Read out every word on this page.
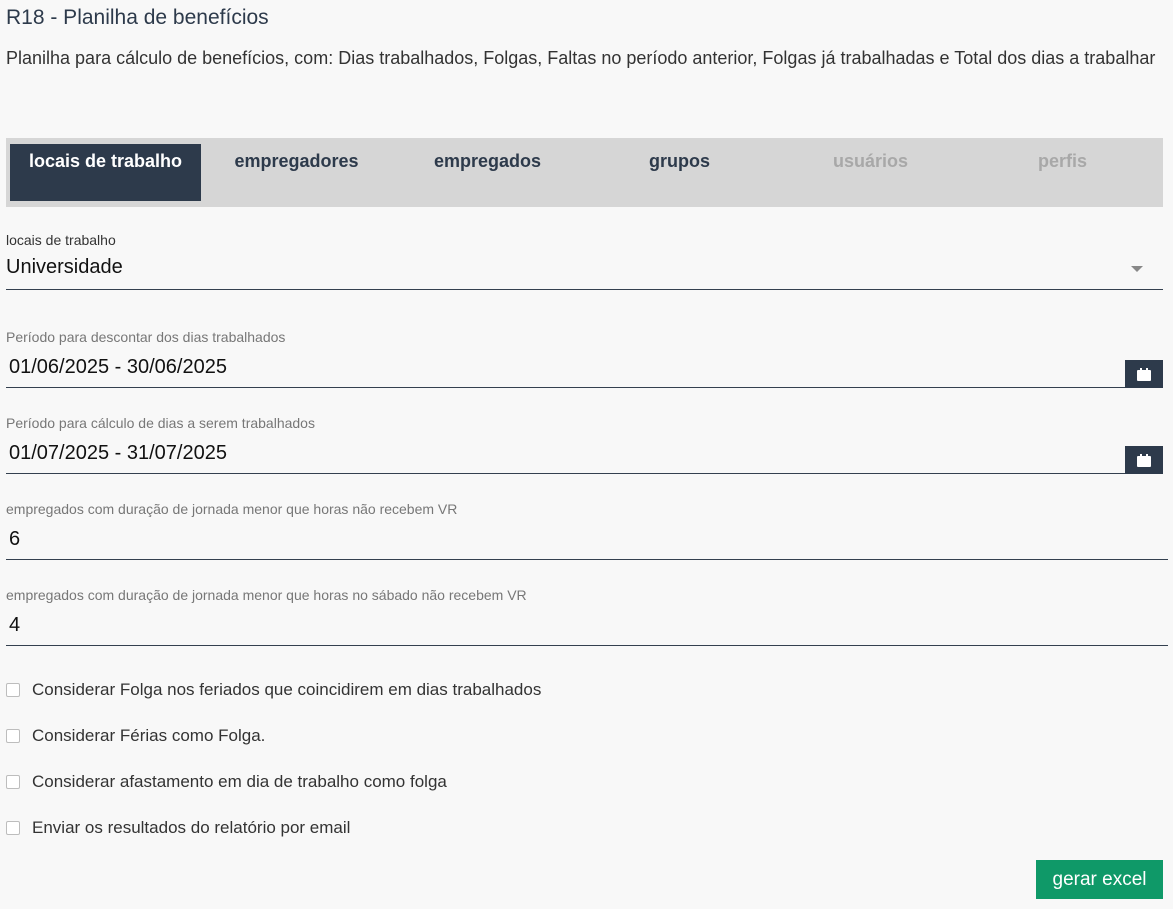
R18 - Planilha de benefícios
Planilha para cálculo de benefícios, com: Dias trabalhados, Folgas, Faltas no período anterior, Folgas já trabalhadas e Total dos dias a trabalhar
locais de trabalho	empregadores	empregados	grupos	usuários	perfis
locais de trabalho
Universidade
Período para descontar dos dias trabalhados
01/06/2025 - 30/06/2025
Período para cálculo de dias a serem trabalhados
01/07/2025 - 31/07/2025
empregados com duração de jornada menor que horas não recebem VR
6
empregados com duração de jornada menor que horas no sábado não recebem VR
4
Considerar Folga nos feriados que coincidirem em dias trabalhados
Considerar Férias como Folga.
Considerar afastamento em dia de trabalho como folga
Enviar os resultados do relatório por email
gerar excel
